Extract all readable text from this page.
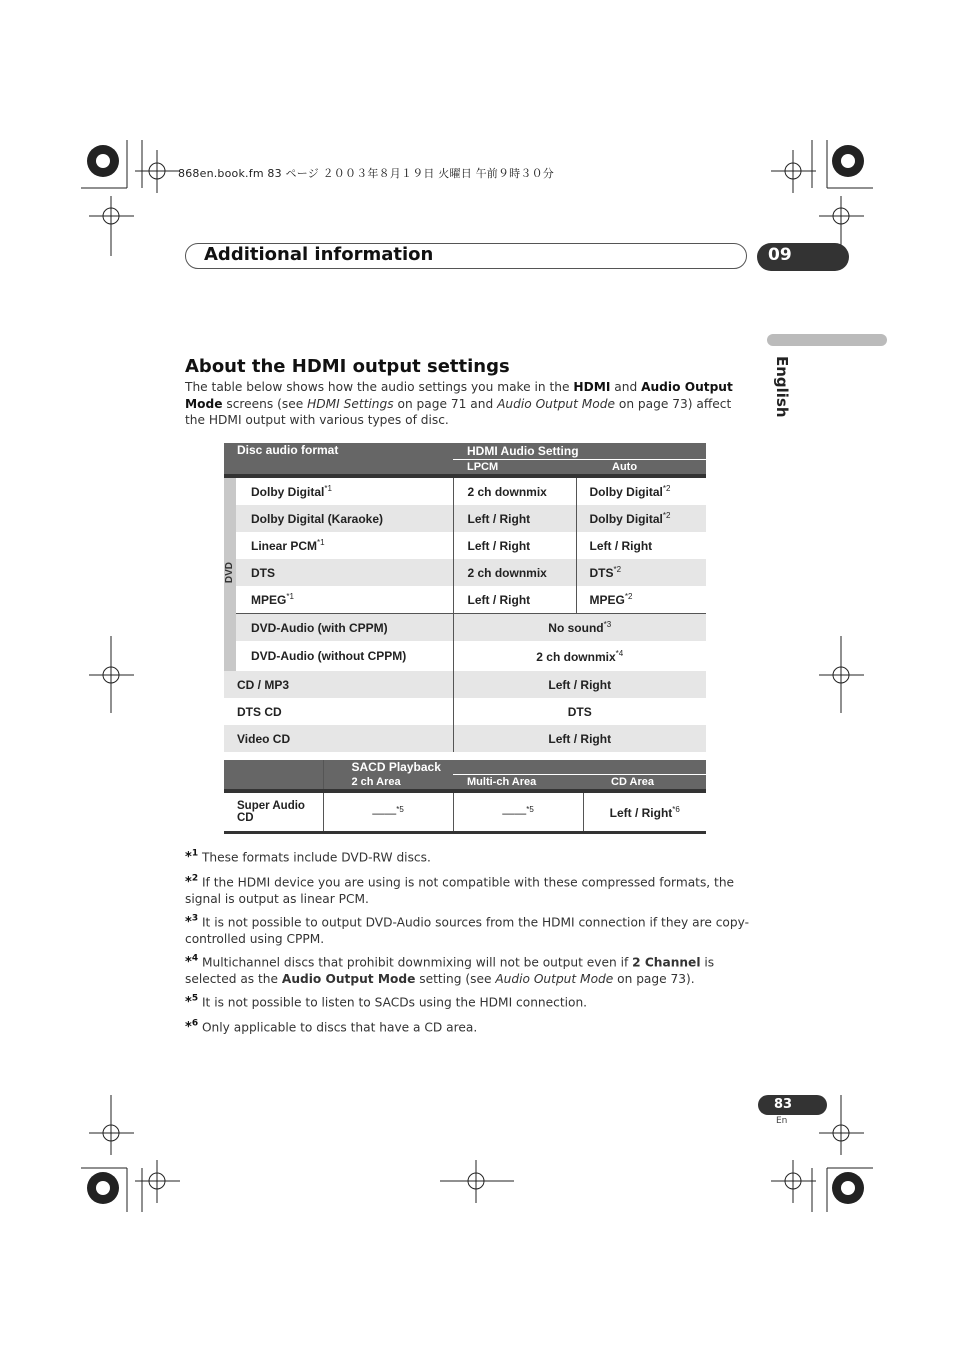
868en.book.fm 83 ページ ２００３年８月１９日 火曜日 午前９時３０分
Additional information	09
English
About the HDMI output settings
The table below shows how the audio settings you make in the HDMI and Audio Output Mode screens (see HDMI Settings on page 71 and Audio Output Mode on page 73) affect the HDMI output with various types of disc.
Disc audio format		HDMI Audio Setting	
		LPCM	Auto
DVD	Dolby Digital$^{*1}$	2 ch downmix	Dolby Digital$^{*2}$
	Dolby Digital (Karaoke)	Left / Right	Dolby Digital$^{*2}$
	Linear PCM$^{*1}$	Left / Right	Left / Right
	DTS	2 ch downmix	DTS$^{*2}$
	MPEG$^{*1}$	Left / Right	MPEG$^{*2}$
	DVD-Audio (with CPPM)	No sound$^{*3}$
	DVD-Audio (without CPPM)	2 ch downmix$^{*4}$
CD / MP3		Left / Right	
DTS CD		DTS	
Video CD		Left / Right	
	SACD Playback		
	2 ch Area	Multi-ch Area	CD Area
Super Audio CD	——$^{*5}$	——$^{*5}$	Left / Right$^{*6}$
*$^1$ These formats include DVD-RW discs.
*$^2$ If the HDMI device you are using is not compatible with these compressed formats, the signal is output as linear PCM.
*$^3$ It is not possible to output DVD-Audio sources from the HDMI connection if they are copy-controlled using CPPM.
*$^4$ Multichannel discs that prohibit downmixing will not be output even if 2 Channel is selected as the Audio Output Mode setting (see Audio Output Mode on page 73).
*$^5$ It is not possible to listen to SACDs using the HDMI connection.
*$^6$ Only applicable to discs that have a CD area.
83
En
